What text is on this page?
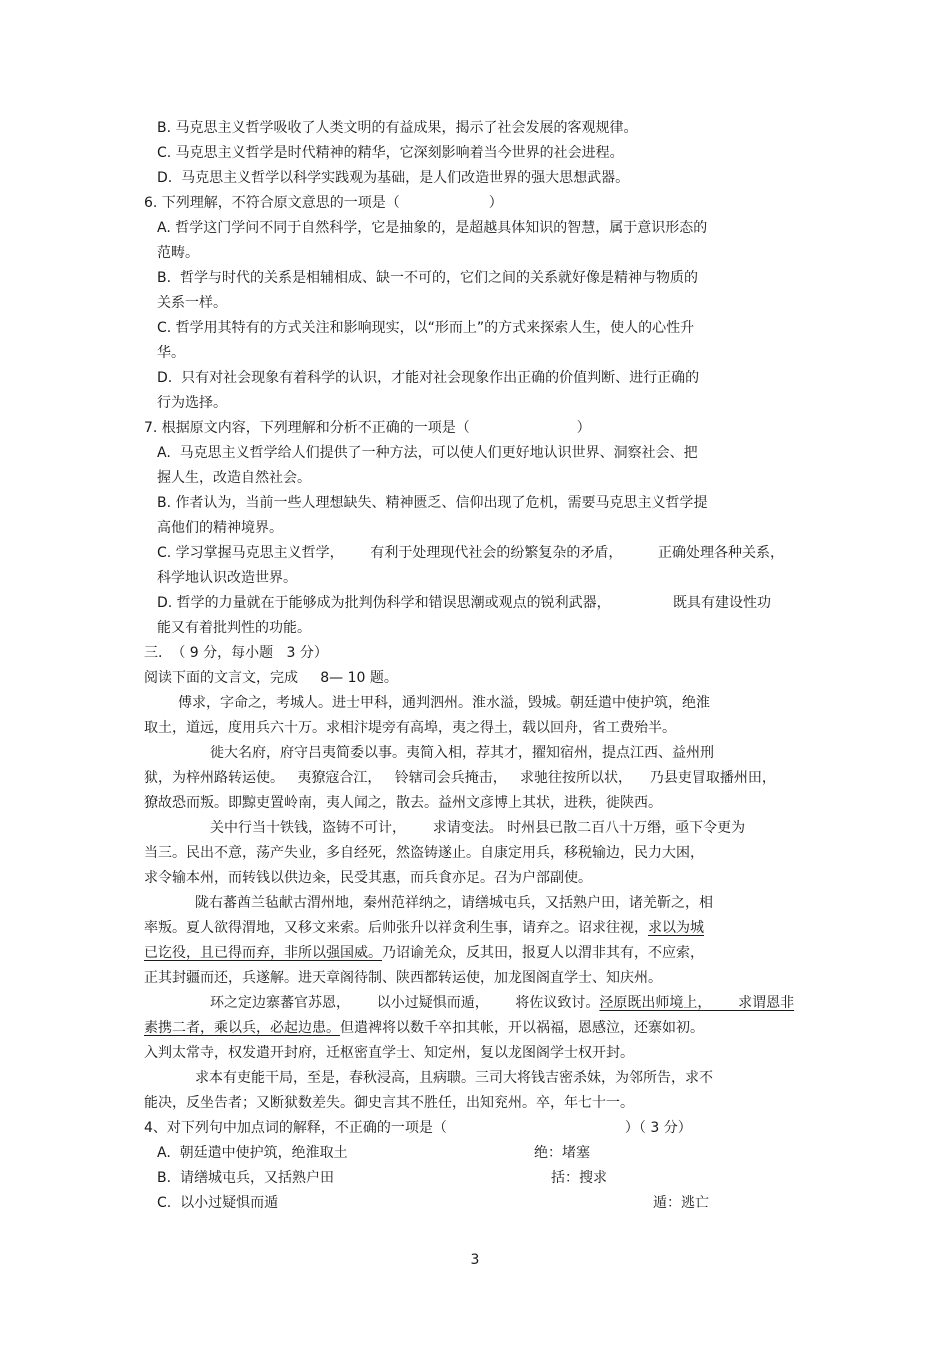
B. 马克思主义哲学吸收了人类文明的有益成果，揭示了社会发展的客观规律。
C. 马克思主义哲学是时代精神的精华，它深刻影响着当今世界的社会进程。
D.  马克思主义哲学以科学实践观为基础，是人们改造世界的强大思想武器。
6. 下列理解，不符合原文意思的一项是（                    ）
A. 哲学这门学问不同于自然科学，它是抽象的，是超越具体知识的智慧，属于意识形态的
范畴。
B.  哲学与时代的关系是相辅相成、缺一不可的，它们之间的关系就好像是精神与物质的
关系一样。
C. 哲学用其特有的方式关注和影响现实，以“形而上”的方式来探索人生，使人的心性升
华。
D.  只有对社会现象有着科学的认识，才能对社会现象作出正确的价值判断、进行正确的
行为选择。
7. 根据原文内容，下列理解和分析不正确的一项是（                        ）
A.  马克思主义哲学给人们提供了一种方法，可以使人们更好地认识世界、洞察社会、把
握人生，改造自然社会。
B. 作者认为，当前一些人理想缺失、精神匮乏、信仰出现了危机，需要马克思主义哲学提
高他们的精神境界。
C. 学习掌握马克思主义哲学，      有利于处理现代社会的纷繁复杂的矛盾，        正确处理各种关系，
科学地认识改造世界。
D. 哲学的力量就在于能够成为批判伪科学和错误思潮或观点的锐利武器，              既具有建设性功
能又有着批判性的功能。
三.  （ 9 分，每小题   3 分）
阅读下面的文言文，完成     8— 10 题。
傅求，字命之，考城人。进士甲科，通判泗州。淮水溢，毁城。朝廷遣中使护筑，绝淮
取土，道远，度用兵六十万。求相汴堤旁有高埠，夷之得土，载以回舟，省工费殆半。
徙大名府，府守吕夷简委以事。夷简入相，荐其才，擢知宿州，提点江西、益州刑
狱，为梓州路转运使。   夷獠寇合江，   铃辖司会兵掩击，   求驰往按所以状，    乃县吏冒取播州田，
獠故恐而叛。即黥吏置岭南，夷人闻之，散去。益州文彦博上其状，进秩，徙陕西。
关中行当十铁钱，盗铸不可计，      求请变法。 时州县已散二百八十万缗，亟下令更为
当三。民出不意，荡产失业，多自经死，然盗铸遂止。自康定用兵，移税输边，民力大困，
求令输本州，而转钱以供边籴，民受其惠，而兵食亦足。召为户部副使。
陇右蕃酋兰毡献古渭州地，秦州范祥纳之，请缮城屯兵，又括熟户田，诸羌靳之，相
率叛。夏人欲得渭地，又移文来索。后帅张升以祥贪利生事，请弃之。诏求往视，求以为城
已讫役，且已得而弃，非所以强国威。乃诏谕羌众，反其田，报夏人以渭非其有，不应索，
正其封疆而还，兵遂解。进天章阁待制、陕西都转运使，加龙图阁直学士、知庆州。
环之定边寨蕃官苏恩，      以小过疑惧而遁，      将佐议致讨。泾原既出师境上，      求谓恩非
素携二者，乘以兵，必起边患。但遣裨将以数千卒扣其帐，开以祸福，恩感泣，还寨如初。
入判太常寺，权发遣开封府，迁枢密直学士、知定州，复以龙图阁学士权开封。
求本有吏能干局，至是，春秋浸高，且病聩。三司大将钱吉密杀妹，为邻所告，求不
能决，反坐告者；又断狱数差失。御史言其不胜任，出知兖州。卒，年七十一。
4、对下列句中加点词的解释，不正确的一项是（                                        ）（ 3 分）
A.  朝廷遣中使护筑，绝淮取土	绝：堵塞
B.  请缮城屯兵，又括熟户田	括：搜求
C.  以小过疑惧而遁	遁：逃亡
3
